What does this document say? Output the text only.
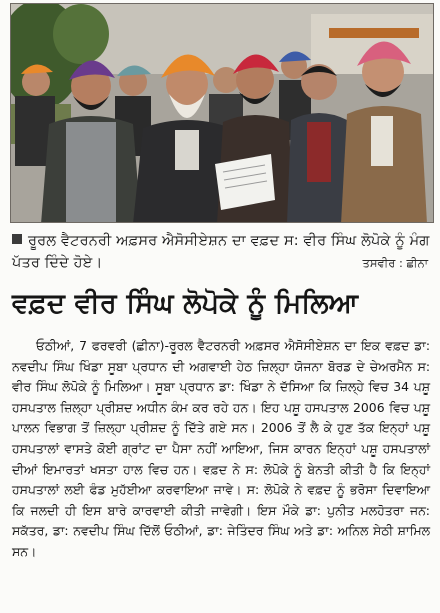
ਰੂਰਲ ਵੈਟਰਨਰੀ ਅਫ਼ਸਰ ਐਸੋਸੀਏਸ਼ਨ ਦਾ ਵਫ਼ਦ ਸ: ਵੀਰ ਸਿੰਘ ਲੋਪੋਕੇ ਨੂੰ ਮੰਗ ਪੱਤਰ ਦਿੰਦੇ ਹੋਏ।	ਤਸਵੀਰ : ਛੀਨਾ
ਵਫ਼ਦ ਵੀਰ ਸਿੰਘ ਲੋਪੋਕੇ ਨੂੰ ਮਿਲਿਆ
ਓਠੀਆਂ, 7 ਫਰਵਰੀ (ਛੀਨਾ)-ਰੂਰਲ ਵੈਟਰਨਰੀ ਅਫ਼ਸਰ ਐਸੋਸੀਏਸ਼ਨ ਦਾ ਇਕ ਵਫ਼ਦ ਡਾ: ਨਵਦੀਪ ਸਿੰਘ ਖਿੰਡਾ ਸੂਬਾ ਪ੍ਰਧਾਨ ਦੀ ਅਗਵਾਈ ਹੇਠ ਜ਼ਿਲ੍ਹਾ ਯੋਜਨਾ ਬੋਰਡ ਦੇ ਚੇਅਰਮੈਨ ਸ: ਵੀਰ ਸਿੰਘ ਲੋਪੋਕੇ ਨੂੰ ਮਿਲਿਆ। ਸੂਬਾ ਪ੍ਰਧਾਨ ਡਾ: ਖਿੰਡਾ ਨੇ ਦੱਸਿਆ ਕਿ ਜ਼ਿਲ੍ਹੇ ਵਿਚ 34 ਪਸ਼ੂ ਹਸਪਤਾਲ ਜ਼ਿਲ੍ਹਾ ਪ੍ਰੀਸ਼ਦ ਅਧੀਨ ਕੰਮ ਕਰ ਰਹੇ ਹਨ। ਇਹ ਪਸ਼ੂ ਹਸਪਤਾਲ 2006 ਵਿਚ ਪਸ਼ੂ ਪਾਲਨ ਵਿਭਾਗ ਤੋਂ ਜ਼ਿਲ੍ਹਾ ਪ੍ਰੀਸ਼ਦ ਨੂੰ ਦਿੱਤੇ ਗਏ ਸਨ। 2006 ਤੋਂ ਲੈ ਕੇ ਹੁਣ ਤੱਕ ਇਨ੍ਹਾਂ ਪਸ਼ੂ ਹਸਪਤਾਲਾਂ ਵਾਸਤੇ ਕੋਈ ਗ੍ਰਾਂਟ ਦਾ ਪੈਸਾ ਨਹੀਂ ਆਇਆ, ਜਿਸ ਕਾਰਨ ਇਨ੍ਹਾਂ ਪਸ਼ੂ ਹਸਪਤਾਲਾਂ ਦੀਆਂ ਇਮਾਰਤਾਂ ਖਸਤਾ ਹਾਲ ਵਿਚ ਹਨ। ਵਫ਼ਦ ਨੇ ਸ: ਲੋਪੋਕੇ ਨੂੰ ਬੇਨਤੀ ਕੀਤੀ ਹੈ ਕਿ ਇਨ੍ਹਾਂ ਹਸਪਤਾਲਾਂ ਲਈ ਫੰਡ ਮੁਹੱਈਆ ਕਰਵਾਇਆ ਜਾਵੇ। ਸ: ਲੋਪੋਕੇ ਨੇ ਵਫ਼ਦ ਨੂੰ ਭਰੋਸਾ ਦਿਵਾਇਆ ਕਿ ਜਲਦੀ ਹੀ ਇਸ ਬਾਰੇ ਕਾਰਵਾਈ ਕੀਤੀ ਜਾਵੇਗੀ। ਇਸ ਮੌਕੇ ਡਾ: ਪੁਨੀਤ ਮਲਹੋਤਰਾ ਜਨ: ਸਕੱਤਰ, ਡਾ: ਨਵਦੀਪ ਸਿੰਘ ਦਿੱਲੋਂ ਓਠੀਆਂ, ਡਾ: ਜੇਤਿੰਦਰ ਸਿੰਘ ਅਤੇ ਡਾ: ਅਨਿਲ ਸੇਠੀ ਸ਼ਾਮਿਲ ਸਨ।
